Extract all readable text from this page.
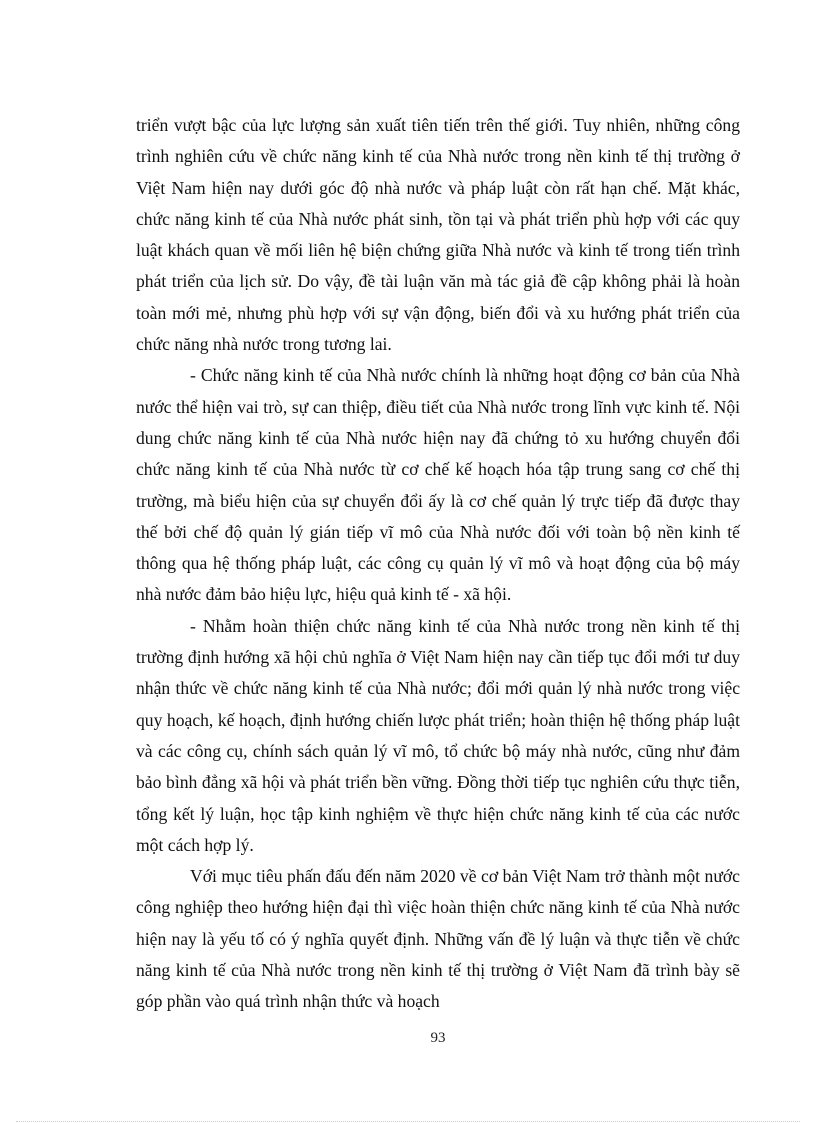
triển vượt bậc của lực lượng sản xuất tiên tiến trên thế giới. Tuy nhiên, những công trình nghiên cứu về chức năng kinh tế của Nhà nước trong nền kinh tế thị trường ở Việt Nam hiện nay dưới góc độ nhà nước và pháp luật còn rất hạn chế. Mặt khác, chức năng kinh tế của Nhà nước phát sinh, tồn tại và phát triển phù hợp với các quy luật khách quan về mối liên hệ biện chứng giữa Nhà nước và kinh tế trong tiến trình phát triển của lịch sử. Do vậy, đề tài luận văn mà tác giả đề cập không phải là hoàn toàn mới mẻ, nhưng phù hợp với sự vận động, biến đổi và xu hướng phát triển của chức năng nhà nước trong tương lai.

- Chức năng kinh tế của Nhà nước chính là những hoạt động cơ bản của Nhà nước thể hiện vai trò, sự can thiệp, điều tiết của Nhà nước trong lĩnh vực kinh tế. Nội dung chức năng kinh tế của Nhà nước hiện nay đã chứng tỏ xu hướng chuyển đổi chức năng kinh tế của Nhà nước từ cơ chế kế hoạch hóa tập trung sang cơ chế thị trường, mà biểu hiện của sự chuyển đổi ấy là cơ chế quản lý trực tiếp đã được thay thế bởi chế độ quản lý gián tiếp vĩ mô của Nhà nước đối với toàn bộ nền kinh tế thông qua hệ thống pháp luật, các công cụ quản lý vĩ mô và hoạt động của bộ máy nhà nước đảm bảo hiệu lực, hiệu quả kinh tế - xã hội.

- Nhằm hoàn thiện chức năng kinh tế của Nhà nước trong nền kinh tế thị trường định hướng xã hội chủ nghĩa ở Việt Nam hiện nay cần tiếp tục đổi mới tư duy nhận thức về chức năng kinh tế của Nhà nước; đổi mới quản lý nhà nước trong việc quy hoạch, kế hoạch, định hướng chiến lược phát triển; hoàn thiện hệ thống pháp luật và các công cụ, chính sách quản lý vĩ mô, tổ chức bộ máy nhà nước, cũng như đảm bảo bình đẳng xã hội và phát triển bền vững. Đồng thời tiếp tục nghiên cứu thực tiễn, tổng kết lý luận, học tập kinh nghiệm về thực hiện chức năng kinh tế của các nước một cách hợp lý.

Với mục tiêu phấn đấu đến năm 2020 về cơ bản Việt Nam trở thành một nước công nghiệp theo hướng hiện đại thì việc hoàn thiện chức năng kinh tế của Nhà nước hiện nay là yếu tố có ý nghĩa quyết định. Những vấn đề lý luận và thực tiễn về chức năng kinh tế của Nhà nước trong nền kinh tế thị trường ở Việt Nam đã trình bày sẽ góp phần vào quá trình nhận thức và hoạch

93
